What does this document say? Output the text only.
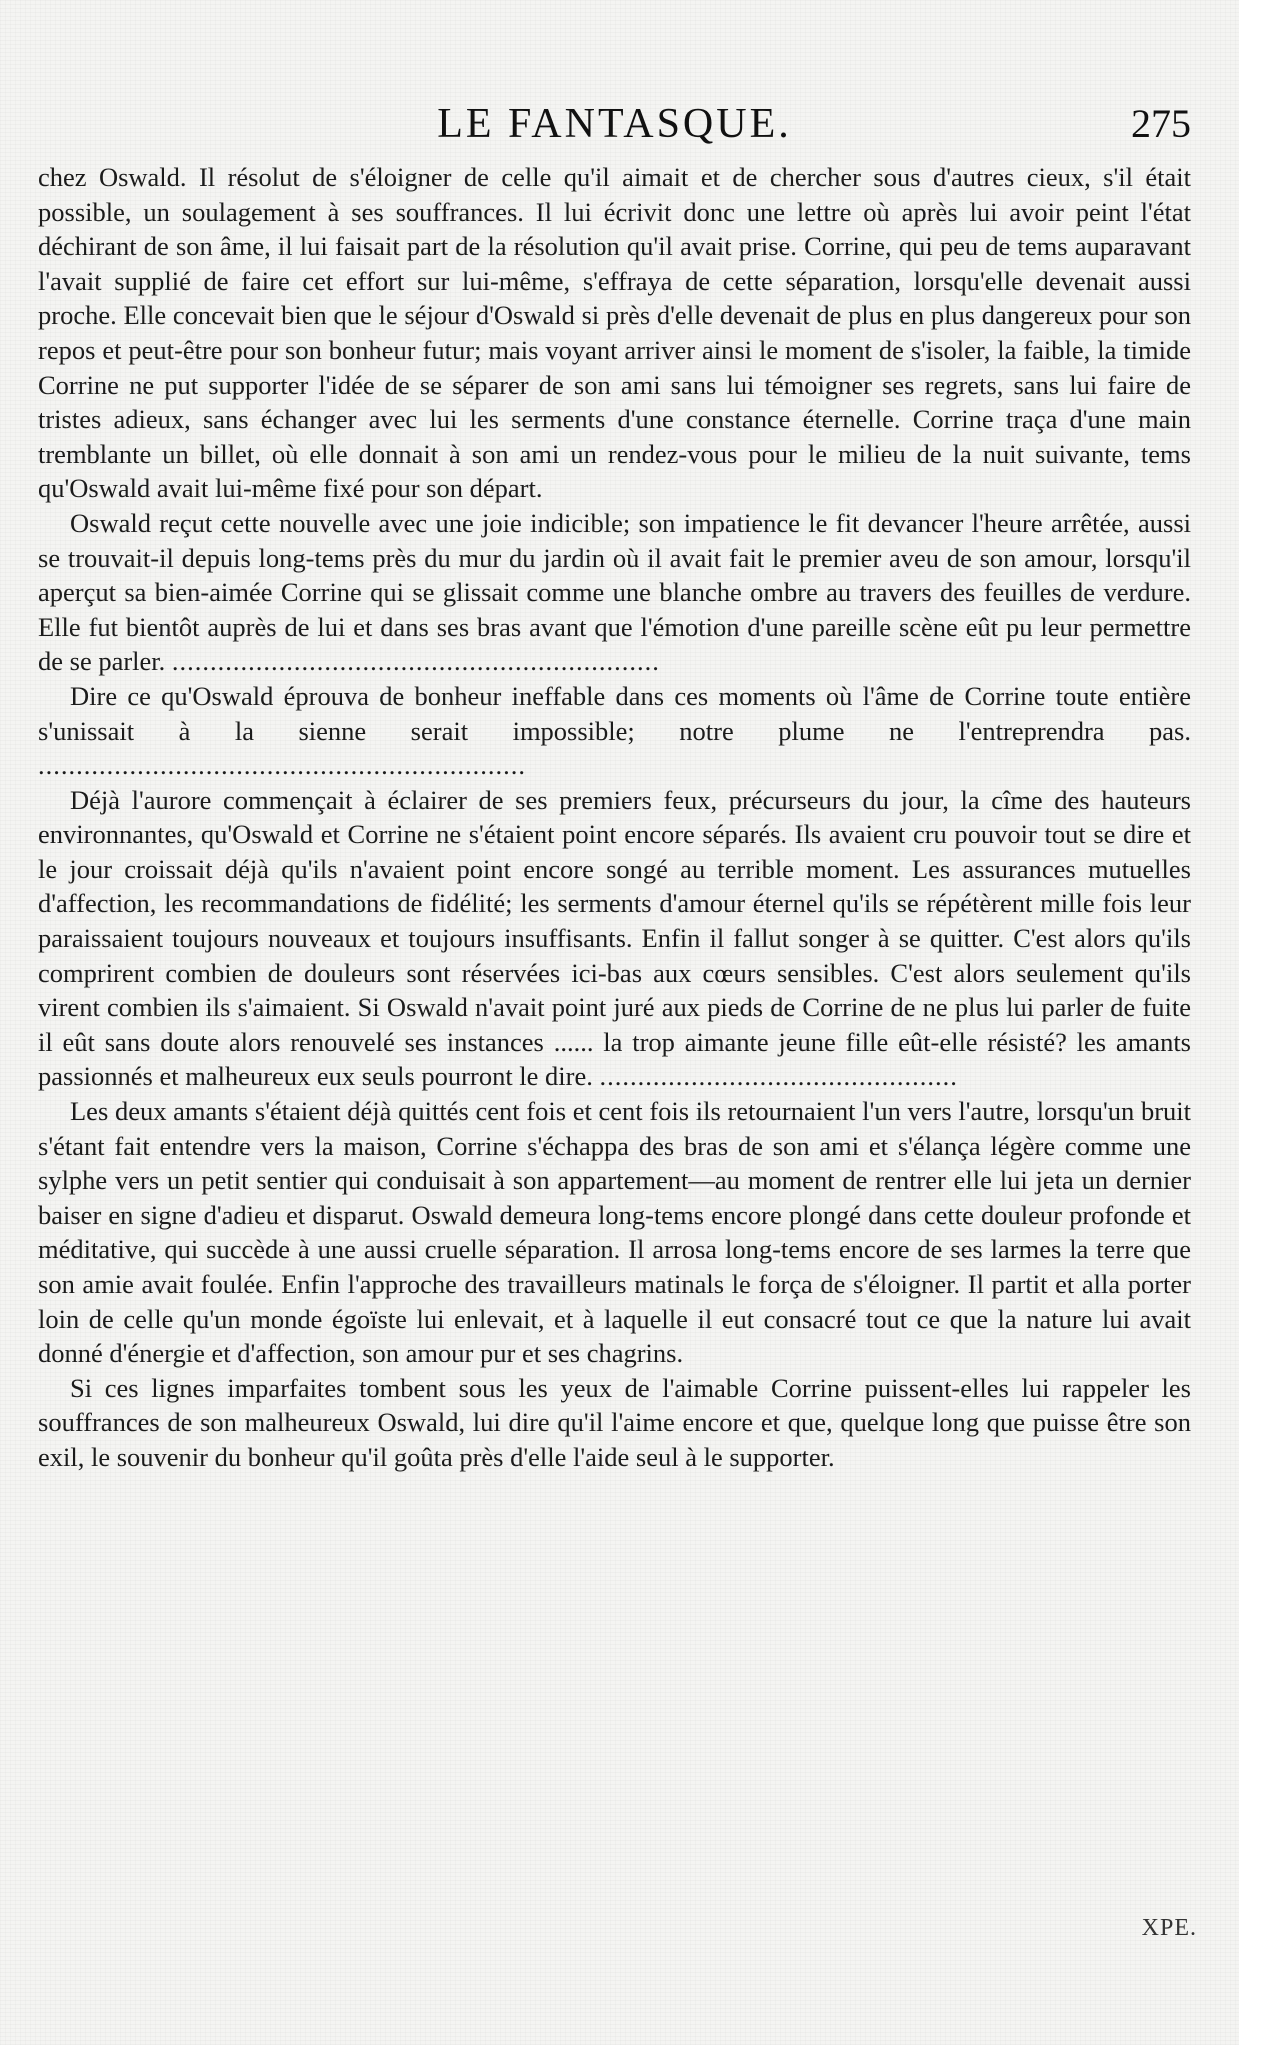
LE FANTASQUE.	275

chez Oswald. Il résolut de s'éloigner de celle qu'il aimait et de chercher sous d'autres cieux, s'il était possible, un soulagement à ses souffrances. Il lui écrivit donc une lettre où après lui avoir peint l'état déchirant de son âme, il lui faisait part de la résolution qu'il avait prise. Corrine, qui peu de tems auparavant l'avait supplié de faire cet effort sur lui-même, s'effraya de cette séparation, lorsqu'elle devenait aussi proche. Elle concevait bien que le séjour d'Oswald si près d'elle devenait de plus en plus dangereux pour son repos et peut-être pour son bonheur futur; mais voyant arriver ainsi le moment de s'isoler, la faible, la timide Corrine ne put supporter l'idée de se séparer de son ami sans lui témoigner ses regrets, sans lui faire de tristes adieux, sans échanger avec lui les serments d'une constance éternelle. Corrine traça d'une main tremblante un billet, où elle donnait à son ami un rendez-vous pour le milieu de la nuit suivante, tems qu'Oswald avait lui-même fixé pour son départ.

Oswald reçut cette nouvelle avec une joie indicible; son impatience le fit devancer l'heure arrêtée, aussi se trouvait-il depuis long-tems près du mur du jardin où il avait fait le premier aveu de son amour, lorsqu'il aperçut sa bien-aimée Corrine qui se glissait comme une blanche ombre au travers des feuilles de verdure. Elle fut bientôt auprès de lui et dans ses bras avant que l'émotion d'une pareille scène eût pu leur permettre de se parler. ................................................................

Dire ce qu'Oswald éprouva de bonheur ineffable dans ces moments où l'âme de Corrine toute entière s'unissait à la sienne serait impossible; notre plume ne l'entreprendra pas. ................................................................

Déjà l'aurore commençait à éclairer de ses premiers feux, précurseurs du jour, la cîme des hauteurs environnantes, qu'Oswald et Corrine ne s'étaient point encore séparés. Ils avaient cru pouvoir tout se dire et le jour croissait déjà qu'ils n'avaient point encore songé au terrible moment. Les assurances mutuelles d'affection, les recommandations de fidélité; les serments d'amour éternel qu'ils se répétèrent mille fois leur paraissaient toujours nouveaux et toujours insuffisants. Enfin il fallut songer à se quitter. C'est alors qu'ils comprirent combien de douleurs sont réservées ici-bas aux cœurs sensibles. C'est alors seulement qu'ils virent combien ils s'aimaient. Si Oswald n'avait point juré aux pieds de Corrine de ne plus lui parler de fuite il eût sans doute alors renouvelé ses instances ...... la trop aimante jeune fille eût-elle résisté? les amants passionnés et malheureux eux seuls pourront le dire. ...............................................

Les deux amants s'étaient déjà quittés cent fois et cent fois ils retournaient l'un vers l'autre, lorsqu'un bruit s'étant fait entendre vers la maison, Corrine s'échappa des bras de son ami et s'élança légère comme une sylphe vers un petit sentier qui conduisait à son appartement—au moment de rentrer elle lui jeta un dernier baiser en signe d'adieu et disparut. Oswald demeura long-tems encore plongé dans cette douleur profonde et méditative, qui succède à une aussi cruelle séparation. Il arrosa long-tems encore de ses larmes la terre que son amie avait foulée. Enfin l'approche des travailleurs matinals le força de s'éloigner. Il partit et alla porter loin de celle qu'un monde égoïste lui enlevait, et à laquelle il eut consacré tout ce que la nature lui avait donné d'énergie et d'affection, son amour pur et ses chagrins.

Si ces lignes imparfaites tombent sous les yeux de l'aimable Corrine puissent-elles lui rappeler les souffrances de son malheureux Oswald, lui dire qu'il l'aime encore et que, quelque long que puisse être son exil, le souvenir du bonheur qu'il goûta près d'elle l'aide seul à le supporter.

XPE.
